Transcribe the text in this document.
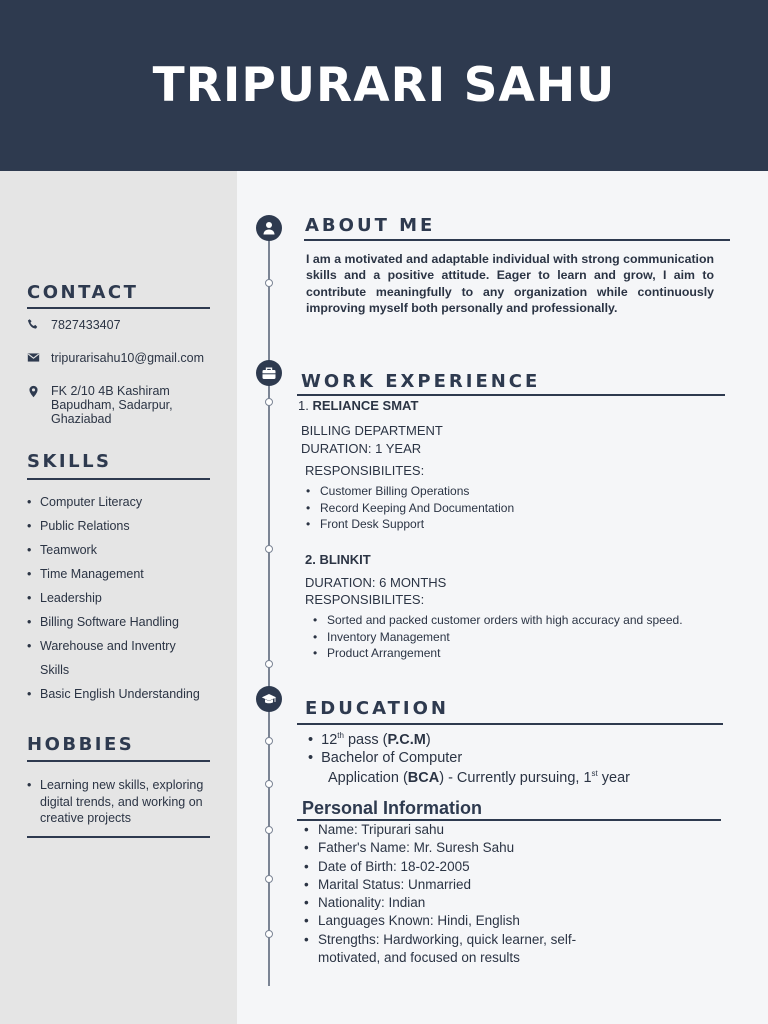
TRIPURARI SAHU
CONTACT
7827433407
tripurarisahu10@gmail.com
FK 2/10 4B Kashiram Bapudham, Sadarpur, Ghaziabad
SKILLS
• Computer Literacy
• Public Relations
• Teamwork
• Time Management
• Leadership
• Billing Software Handling
• Warehouse and Inventry Skills
• Basic English Understanding
HOBBIES
• Learning new skills, exploring digital trends, and working on creative projects
ABOUT ME
I am a motivated and adaptable individual with strong communication skills and a positive attitude. Eager to learn and grow, I aim to contribute meaningfully to any organization while continuously improving myself both personally and professionally.
WORK EXPERIENCE
1. RELIANCE SMAT
BILLING DEPARTMENT
DURATION: 1 YEAR
RESPONSIBILITES:
• Customer Billing Operations
• Record Keeping And Documentation
• Front Desk Support
2. BLINKIT
DURATION: 6 MONTHS
RESPONSIBILITES:
• Sorted and packed customer orders with high accuracy and speed.
• Inventory Management
• Product Arrangement
EDUCATION
•  12th pass (P.C.M)
•  Bachelor of Computer
Application (BCA) - Currently pursuing, 1st year
Personal Information
• Name: Tripurari sahu
• Father's Name: Mr. Suresh Sahu
• Date of Birth: 18-02-2005
• Marital Status: Unmarried
• Nationality: Indian
• Languages Known: Hindi, English
• Strengths: Hardworking, quick learner, self-motivated, and focused on results
